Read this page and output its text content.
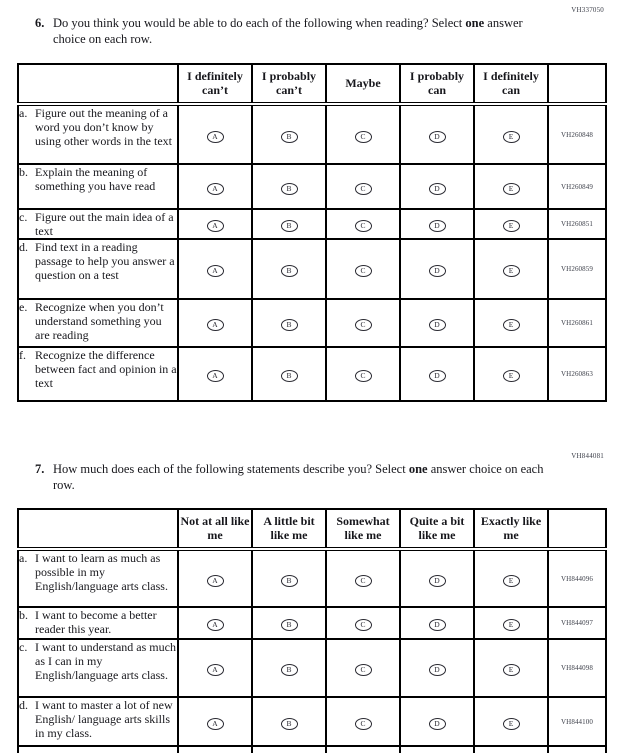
VH337050
6. Do you think you would be able to do each of the following when reading? Select one answer choice on each row.
	I definitely can’t	I probably can’t	Maybe	I probably can	I definitely can	

a. Figure out the meaning of a word you don’t know by using other words in the text	A	B	C	D	E	VH260848

b. Explain the meaning of something you have read	A	B	C	D	E	VH260849

c. Figure out the main idea of a text	A	B	C	D	E	VH260851

d. Find text in a reading passage to help you answer a question on a test	A	B	C	D	E	VH260859

e. Recognize when you don’t understand something you are reading	A	B	C	D	E	VH260861

f. Recognize the difference between fact and opinion in a text	A	B	C	D	E	VH260863
VH844081
7. How much does each of the following statements describe you? Select one answer choice on each row.
	Not at all like me	A little bit like me	Somewhat like me	Quite a bit like me	Exactly like me	

a. I want to learn as much as possible in my English/language arts class.	A	B	C	D	E	VH844096

b. I want to become a better reader this year.	A	B	C	D	E	VH844097

c. I want to understand as much as I can in my English/language arts class.	A	B	C	D	E	VH844098

d. I want to master a lot of new English/ language arts skills in my class.	A	B	C	D	E	VH844100
